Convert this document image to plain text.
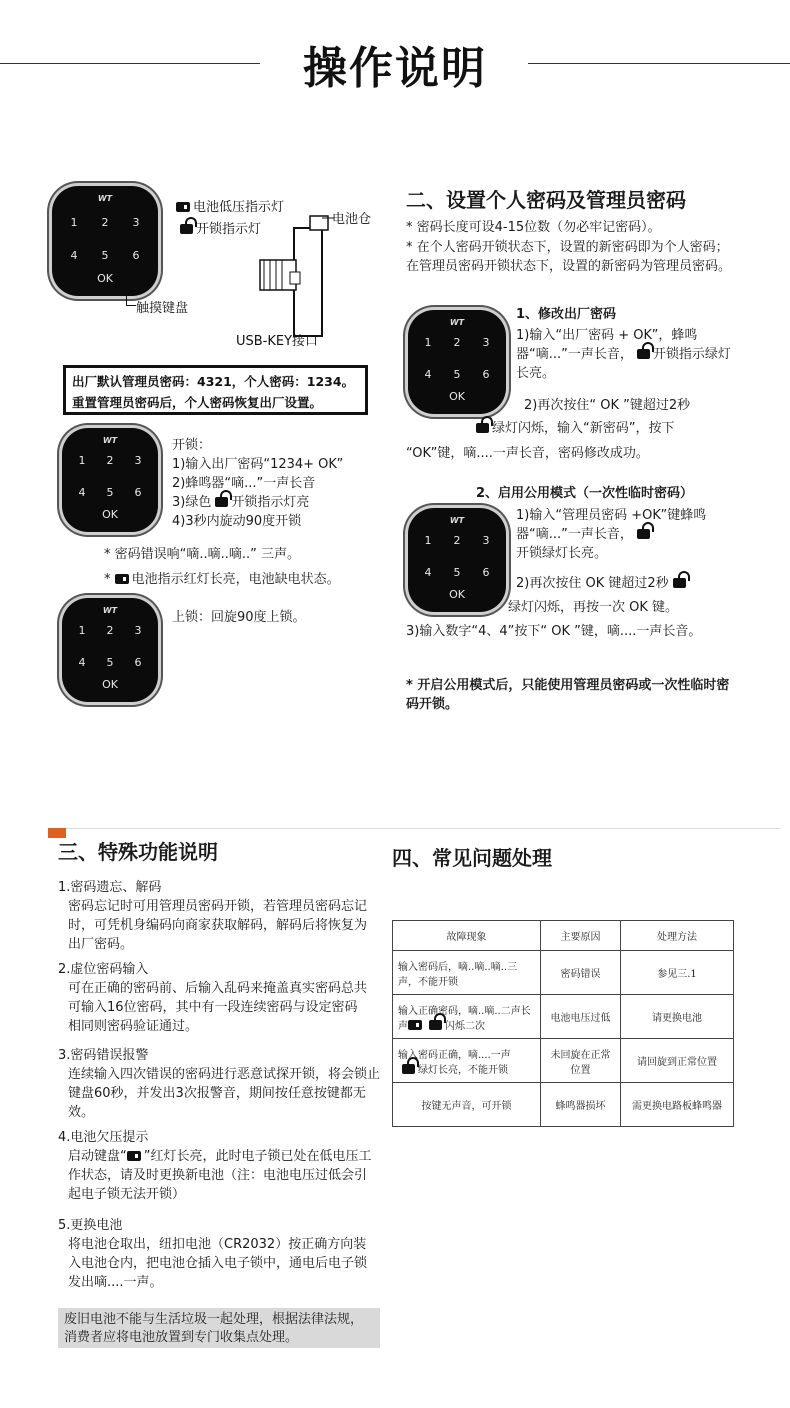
操作说明
WT
1	2	3
4	5	6
OK
电池低压指示灯
开锁指示灯
电池仓
触摸键盘
USB-KEY接口
出厂默认管理员密码：4321，个人密码：1234。
重置管理员密码后，个人密码恢复出厂设置。
WT
1	2	3
4	5	6
OK
开锁：
1)输入出厂密码“1234+ OK”
2)蜂鸣器“嘀...”一声长音
3)绿色 开锁指示灯亮
4)3秒内旋动90度开锁
* 密码错误响“嘀..嘀..嘀..” 三声。
* 电池指示红灯长亮，电池缺电状态。
WT
1	2	3
4	5	6
OK
上锁：回旋90度上锁。
二、设置个人密码及管理员密码
* 密码长度可设4-15位数（勿必牢记密码）。
* 在个人密码开锁状态下，设置的新密码即为个人密码；在管理员密码开锁状态下，设置的新密码为管理员密码。
WT
1	2	3
4	5	6
OK
1、修改出厂密码
1)输入“出厂密码 + OK”，蜂鸣器“嘀...”一声长音， 开锁指示绿灯长亮。
2)再次按住“ OK ”键超过2秒
绿灯闪烁，输入“新密码”，按下
“OK”键，嘀....一声长音，密码修改成功。
2、启用公用模式（一次性临时密码）
WT
1	2	3
4	5	6
OK
1)输入“管理员密码 +OK”键蜂鸣器“嘀...”一声长音，
开锁绿灯长亮。
2)再次按住 OK 键超过2秒
绿灯闪烁，再按一次 OK 键。
3)输入数字“4、4”按下“ OK ”键，嘀....一声长音。
* 开启公用模式后，只能使用管理员密码或一次性临时密码开锁。
三、特殊功能说明
1.密码遗忘、解码
密码忘记时可用管理员密码开锁，若管理员密码忘记时，可凭机身编码向商家获取解码，解码后将恢复为出厂密码。
2.虚位密码输入
可在正确的密码前、后输入乱码来掩盖真实密码总共可输入16位密码，其中有一段连续密码与设定密码相同则密码验证通过。
3.密码错误报警
连续输入四次错误的密码进行恶意试探开锁，将会锁止键盘60秒，并发出3次报警音，期间按任意按键都无效。
4.电池欠压提示
启动键盘“ ”红灯长亮，此时电子锁已处在低电压工作状态，请及时更换新电池（注：电池电压过低会引起电子锁无法开锁）
5.更换电池
将电池仓取出，纽扣电池（CR2032）按正确方向装入电池仓内，把电池仓插入电子锁中，通电后电子锁发出嘀....一声。
废旧电池不能与生活垃圾一起处理，根据法律法规，消费者应将电池放置到专门收集点处理。
四、常见问题处理
故障现象	主要原因	处理方法
输入密码后，嘀..嘀..嘀..三声，不能开锁	密码错误	参见三.1
输入正确密码，嘀..嘀..二声长声 闪烁二次	电池电压过低	请更换电池
输入密码正确，嘀....一声
绿灯长亮，不能开锁	未回旋在正常位置	请回旋到正常位置
按键无声音，可开锁	蜂鸣器损坏	需更换电路板蜂鸣器
